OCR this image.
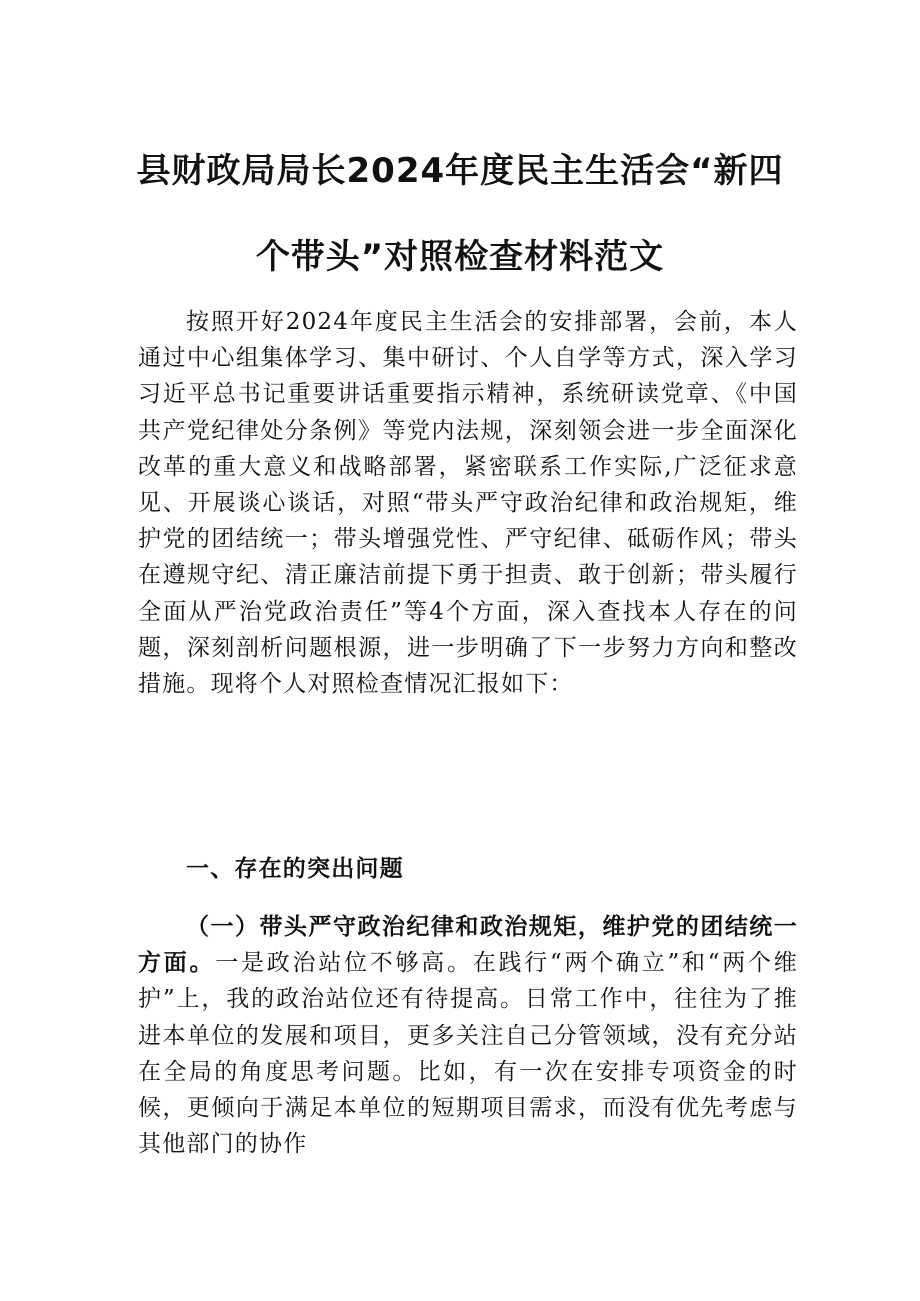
县财政局局长2024年度民主生活会“新四
个带头”对照检查材料范文
按照开好2024年度民主生活会的安排部署，会前，本人通过中心组集体学习、集中研讨、个人自学等方式，深入学习习近平总书记重要讲话重要指示精神，系统研读党章、《中国共产党纪律处分条例》等党内法规，深刻领会进一步全面深化改革的重大意义和战略部署，紧密联系工作实际,广泛征求意见、开展谈心谈话，对照“带头严守政治纪律和政治规矩，维护党的团结统一；带头增强党性、严守纪律、砥砺作风；带头在遵规守纪、清正廉洁前提下勇于担责、敢于创新；带头履行全面从严治党政治责任”等4个方面，深入查找本人存在的问题，深刻剖析问题根源，进一步明确了下一步努力方向和整改措施。现将个人对照检查情况汇报如下：
一、存在的突出问题
（一）带头严守政治纪律和政治规矩，维护党的团结统一方面。一是政治站位不够高。在践行“两个确立”和“两个维护”上，我的政治站位还有待提高。日常工作中，往往为了推进本单位的发展和项目，更多关注自己分管领域，没有充分站在全局的角度思考问题。比如，有一次在安排专项资金的时候，更倾向于满足本单位的短期项目需求，而没有优先考虑与其他部门的协作
